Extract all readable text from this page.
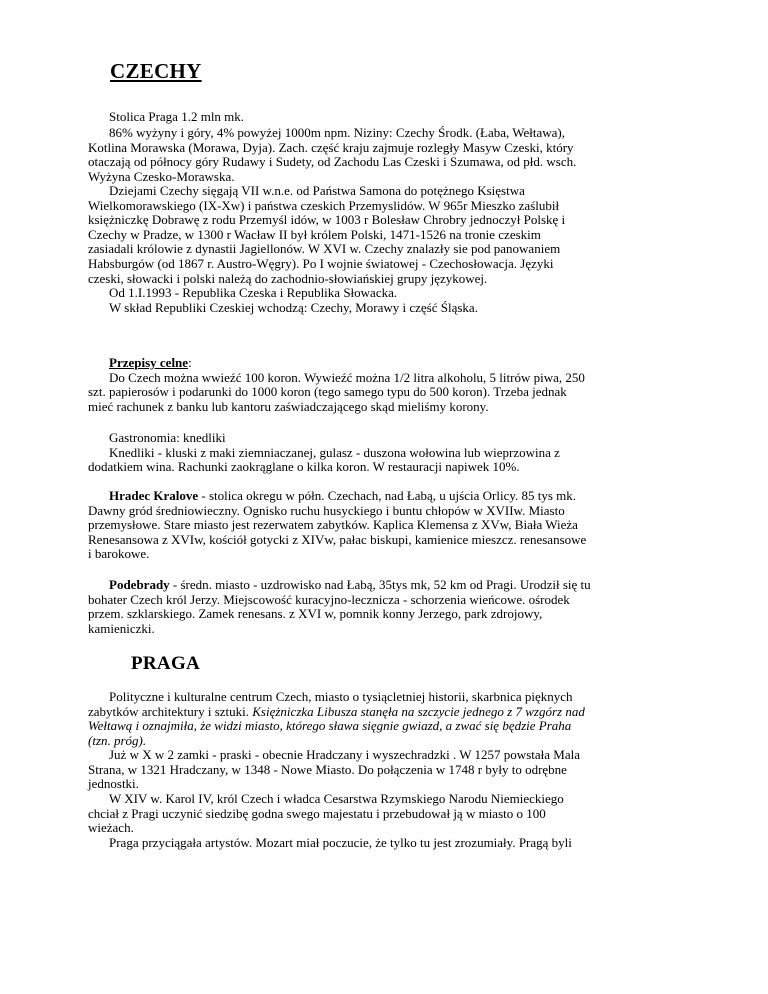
CZECHY

Stolica Praga 1.2 mln mk.

86% wyżyny i góry, 4% powyżej 1000m npm. Niziny: Czechy Środk. (Łaba, Wełtawa),
Kotlina Morawska (Morawa, Dyja). Zach. część kraju zajmuje rozległy Masyw Czeski, który
otaczają od północy góry Rudawy i Sudety, od Zachodu Las Czeski i Szumawa, od płd. wsch.
Wyżyna Czesko-Morawska.

Dziejami Czechy sięgają VII w.n.e. od Państwa Samona do potężnego Księstwa
Wielkomorawskiego (IX-Xw) i państwa czeskich Przemyslidów. W 965r Mieszko zaślubił
księżniczkę Dobrawę z rodu Przemyśl idów, w 1003 r Bolesław Chrobry jednoczył Polskę i
Czechy w Pradze, w 1300 r Wacław II był królem Polski, 1471-1526 na tronie czeskim
zasiadali królowie z dynastii Jagiellonów. W XVI w. Czechy znalazły sie pod panowaniem
Habsburgów (od 1867 r. Austro-Węgry). Po I wojnie światowej - Czechosłowacja. Języki
czeski, słowacki i polski należą do zachodnio-słowiańskiej grupy językowej.

Od 1.I.1993 - Republika Czeska i Republika Słowacka.

W skład Republiki Czeskiej wchodzą: Czechy, Morawy i część Śląska.

Przepisy celne:
Do Czech można wwieźć 100 koron. Wywieźć można 1/2 litra alkoholu, 5 litrów piwa, 250
szt. papierosów i podarunki do 1000 koron (tego samego typu do 500 koron). Trzeba jednak
mieć rachunek z banku lub kantoru zaświadczającego skąd mieliśmy korony.

Gastronomia: knedliki
Knedliki - kluski z maki ziemniaczanej, gulasz - duszona wołowina lub wieprzowina z
dodatkiem wina. Rachunki zaokrąglane o kilka koron. W restauracji napiwek 10%.

Hradec Kralove - stolica okregu w półn. Czechach, nad Łabą, u ujścia Orlicy. 85 tys mk.
Dawny gród średniowieczny. Ognisko ruchu husyckiego i buntu chłopów w XVIIw. Miasto
przemysłowe. Stare miasto jest rezerwatem zabytków. Kaplica Klemensa z XVw, Biała Wieża
Renesansowa z XVIw, kościół gotycki z XIVw, pałac biskupi, kamienice mieszcz. renesansowe
i barokowe.

Podebrady - średn. miasto - uzdrowisko nad Łabą, 35tys mk, 52 km od Pragi. Urodził się tu
bohater Czech król Jerzy. Miejscowość kuracyjno-lecznicza - schorzenia wieńcowe. ośrodek
przem. szklarskiego. Zamek renesans. z XVI w, pomnik konny Jerzego, park zdrojowy,
kamieniczki.

PRAGA

Polityczne i kulturalne centrum Czech, miasto o tysiącletniej historii, skarbnica pięknych
zabytków architektury i sztuki. Księżniczka Libusza stanęła na szczycie jednego z 7 wzgórz nad
Wełtawą i oznajmiła, że widzi miasto, którego sława sięgnie gwiazd, a zwać się będzie Praha
(tzn. próg).

Już w X w 2 zamki - praski - obecnie Hradczany i wyszechradzki . W 1257 powstała Mala
Strana, w 1321 Hradczany, w 1348 - Nowe Miasto. Do połączenia w 1748 r były to odrębne
jednostki.

W XIV w. Karol IV, król Czech i władca Cesarstwa Rzymskiego Narodu Niemieckiego
chciał z Pragi uczynić siedzibę godna swego majestatu i przebudował ją w miasto o 100
wieżach.

Praga przyciągała artystów. Mozart miał poczucie, że tylko tu jest zrozumiały. Pragą byli
